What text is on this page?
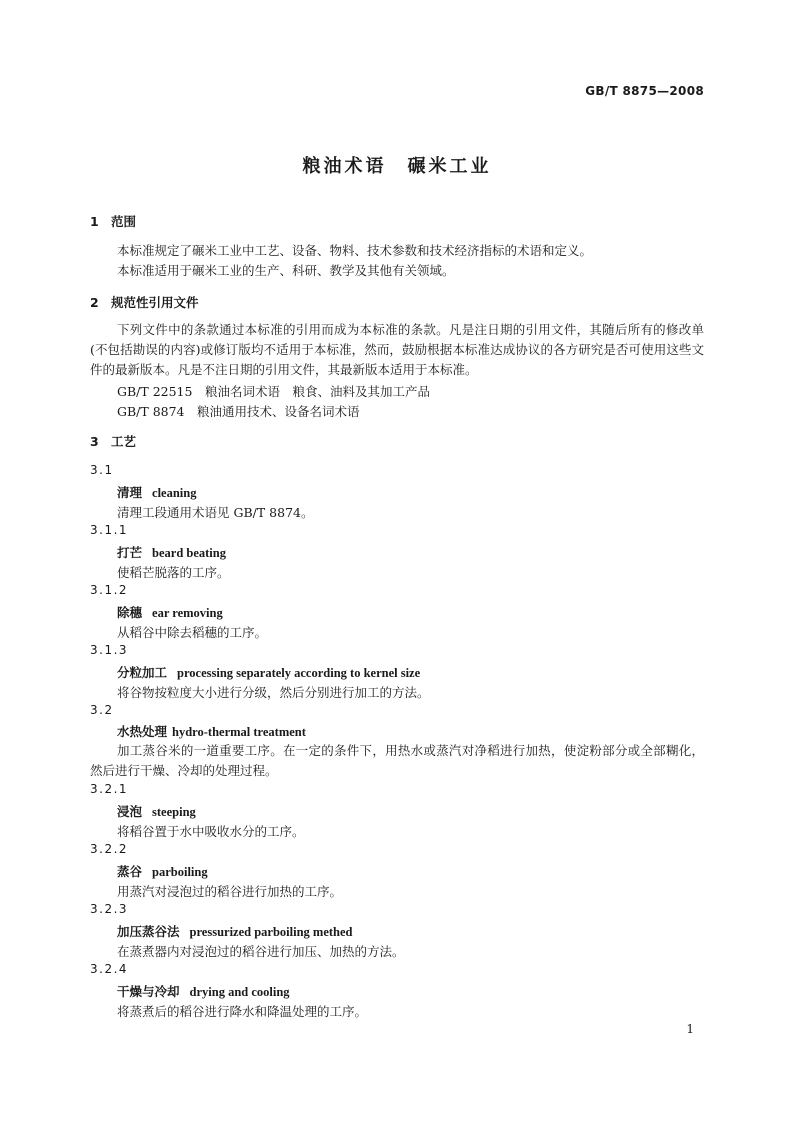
GB/T 8875—2008
粮油术语　碾米工业
1 范围
本标准规定了碾米工业中工艺、设备、物料、技术参数和技术经济指标的术语和定义。
本标准适用于碾米工业的生产、科研、教学及其他有关领域。
2 规范性引用文件
下列文件中的条款通过本标准的引用而成为本标准的条款。凡是注日期的引用文件，其随后所有的修改单(不包括勘误的内容)或修订版均不适用于本标准，然而，鼓励根据本标准达成协议的各方研究是否可使用这些文件的最新版本。凡是不注日期的引用文件，其最新版本适用于本标准。
GB/T 22515　粮油名词术语　粮食、油料及其加工产品
GB/T 8874　粮油通用技术、设备名词术语
3 工艺
3.1
清理 cleaning
清理工段通用术语见 GB/T 8874。
3.1.1
打芒 beard beating
使稻芒脱落的工序。
3.1.2
除穗 ear removing
从稻谷中除去稻穗的工序。
3.1.3
分粒加工 processing separately according to kernel size
将谷物按粒度大小进行分级，然后分别进行加工的方法。
3.2
水热处理 hydro-thermal treatment
加工蒸谷米的一道重要工序。在一定的条件下，用热水或蒸汽对净稻进行加热，使淀粉部分或全部糊化，然后进行干燥、冷却的处理过程。
3.2.1
浸泡 steeping
将稻谷置于水中吸收水分的工序。
3.2.2
蒸谷 parboiling
用蒸汽对浸泡过的稻谷进行加热的工序。
3.2.3
加压蒸谷法 pressurized parboiling methed
在蒸煮器内对浸泡过的稻谷进行加压、加热的方法。
3.2.4
干燥与冷却 drying and cooling
将蒸煮后的稻谷进行降水和降温处理的工序。
1
